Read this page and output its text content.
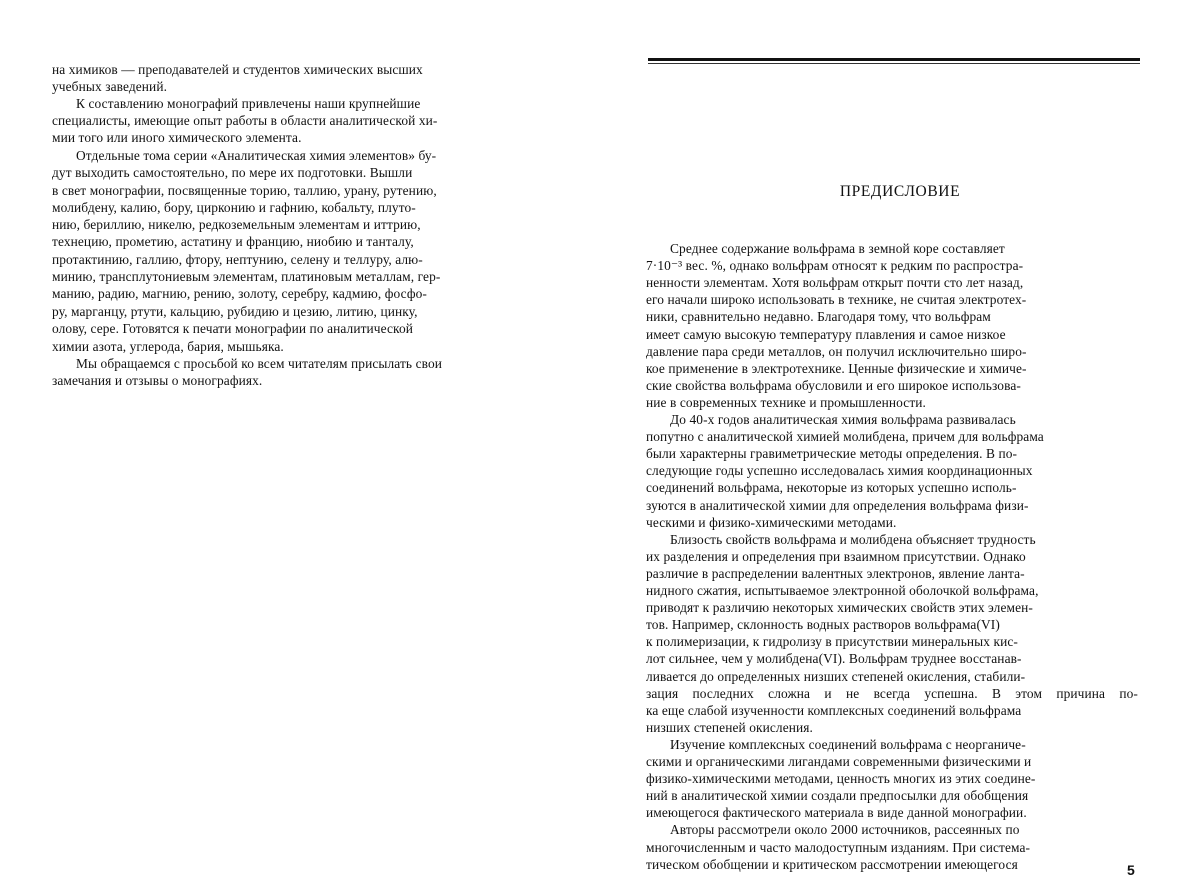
на химиков — преподавателей и студентов химических высших
учебных заведений.
К составлению монографий привлечены наши крупнейшие
специалисты, имеющие опыт работы в области аналитической хи-
мии того или иного химического элемента.
Отдельные тома серии «Аналитическая химия элементов» бу-
дут выходить самостоятельно, по мере их подготовки. Вышли
в свет монографии, посвященные торию, таллию, урану, рутению,
молибдену, калию, бору, цирконию и гафнию, кобальту, плуто-
нию, бериллию, никелю, редкоземельным элементам и иттрию,
технецию, прометию, астатину и францию, ниобию и танталу,
протактинию, галлию, фтору, нептунию, селену и теллуру, алю-
минию, трансплутониевым элементам, платиновым металлам, гер-
манию, радию, магнию, рению, золоту, серебру, кадмию, фосфо-
ру, марганцу, ртути, кальцию, рубидию и цезию, литию, цинку,
олову, сере. Готовятся к печати монографии по аналитической
химии азота, углерода, бария, мышьяка.
Мы обращаемся с просьбой ко всем читателям присылать свои
замечания и отзывы о монографиях.
ПРЕДИСЛОВИЕ
5
Среднее содержание вольфрама в земной коре составляет
7·10⁻³ вес. %, однако вольфрам относят к редким по распростра-
ненности элементам. Хотя вольфрам открыт почти сто лет назад,
его начали широко использовать в технике, не считая электротех-
ники, сравнительно недавно. Благодаря тому, что вольфрам
имеет самую высокую температуру плавления и самое низкое
давление пара среди металлов, он получил исключительно широ-
кое применение в электротехнике. Ценные физические и химиче-
ские свойства вольфрама обусловили и его широкое использова-
ние в современных технике и промышленности.
До 40-х годов аналитическая химия вольфрама развивалась
попутно с аналитической химией молибдена, причем для вольфрама
были характерны гравиметрические методы определения. В по-
следующие годы успешно исследовалась химия координационных
соединений вольфрама, некоторые из которых успешно исполь-
зуются в аналитической химии для определения вольфрама физи-
ческими и физико-химическими методами.
Близость свойств вольфрама и молибдена объясняет трудность
их разделения и определения при взаимном присутствии. Однако
различие в распределении валентных электронов, явление ланта-
нидного сжатия, испытываемое электронной оболочкой вольфрама,
приводят к различию некоторых химических свойств этих элемен-
тов. Например, склонность водных растворов вольфрама(VI)
к полимеризации, к гидролизу в присутствии минеральных кис-
лот сильнее, чем у молибдена(VI). Вольфрам труднее восстанав-
ливается до определенных низших степеней окисления, стабили-
зация последних сложна и не всегда успешна. В этом причина по-
ка еще слабой изученности комплексных соединений вольфрама
низших степеней окисления.
Изучение комплексных соединений вольфрама с неорганиче-
скими и органическими лигандами современными физическими и
физико-химическими методами, ценность многих из этих соедине-
ний в аналитической химии создали предпосылки для обобщения
имеющегося фактического материала в виде данной монографии.
Авторы рассмотрели около 2000 источников, рассеянных по
многочисленным и часто малодоступным изданиям. При система-
тическом обобщении и критическом рассмотрении имеющегося
